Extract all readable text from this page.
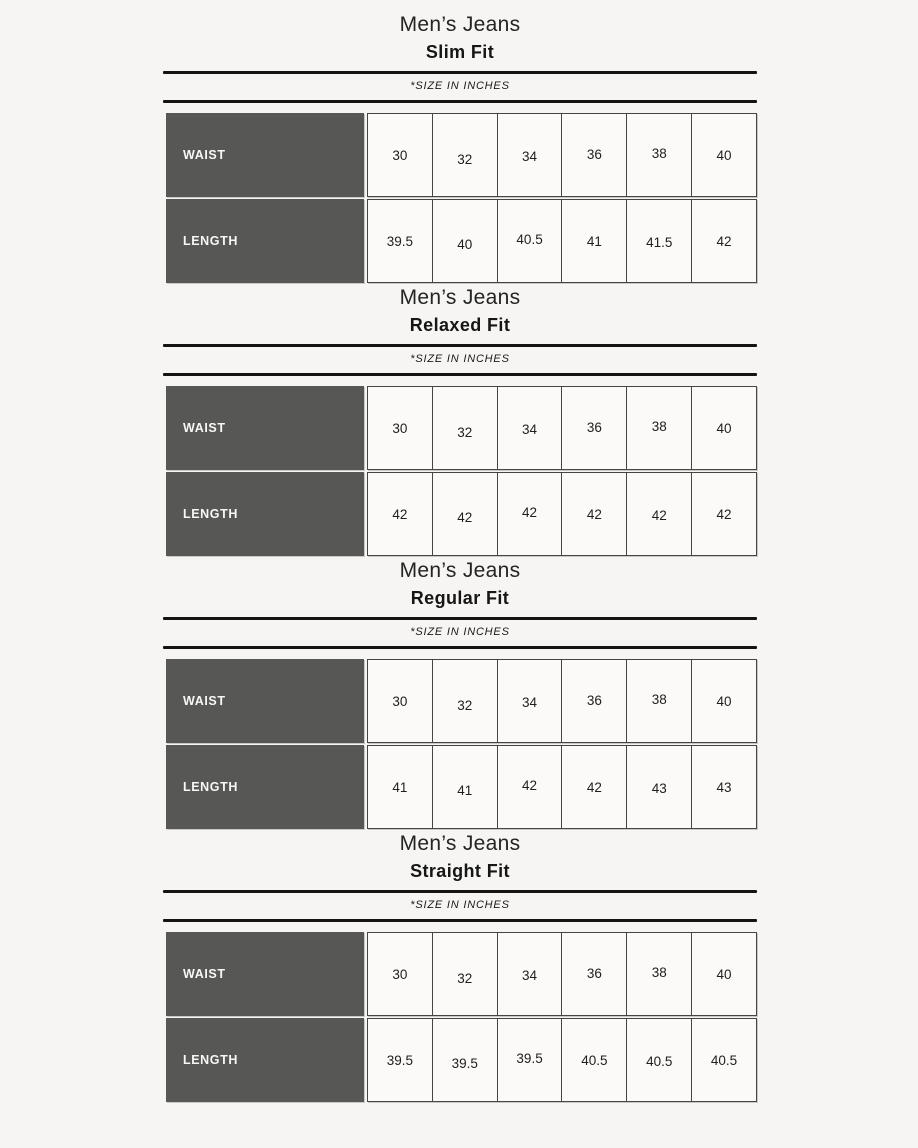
Men’s Jeans
Slim Fit
*SIZE IN INCHES
WAIST	30	32	34	36	38	40
LENGTH	39.5	40	40.5	41	41.5	42
Men’s Jeans
Relaxed Fit
*SIZE IN INCHES
WAIST	30	32	34	36	38	40
LENGTH	42	42	42	42	42	42
Men’s Jeans
Regular Fit
*SIZE IN INCHES
WAIST	30	32	34	36	38	40
LENGTH	41	41	42	42	43	43
Men’s Jeans
Straight Fit
*SIZE IN INCHES
WAIST	30	32	34	36	38	40
LENGTH	39.5	39.5	39.5	40.5	40.5	40.5
